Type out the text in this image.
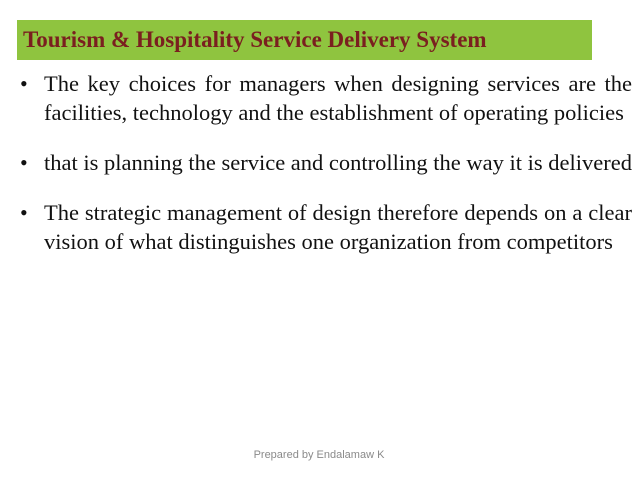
Tourism & Hospitality Service Delivery System
• The key choices for managers when designing services are the facilities, technology and the establishment of operating policies
• that is planning the service and controlling the way it is delivered
• The strategic management of design therefore depends on a clear vision of what distinguishes one organization from competitors
Prepared by Endalamaw K
